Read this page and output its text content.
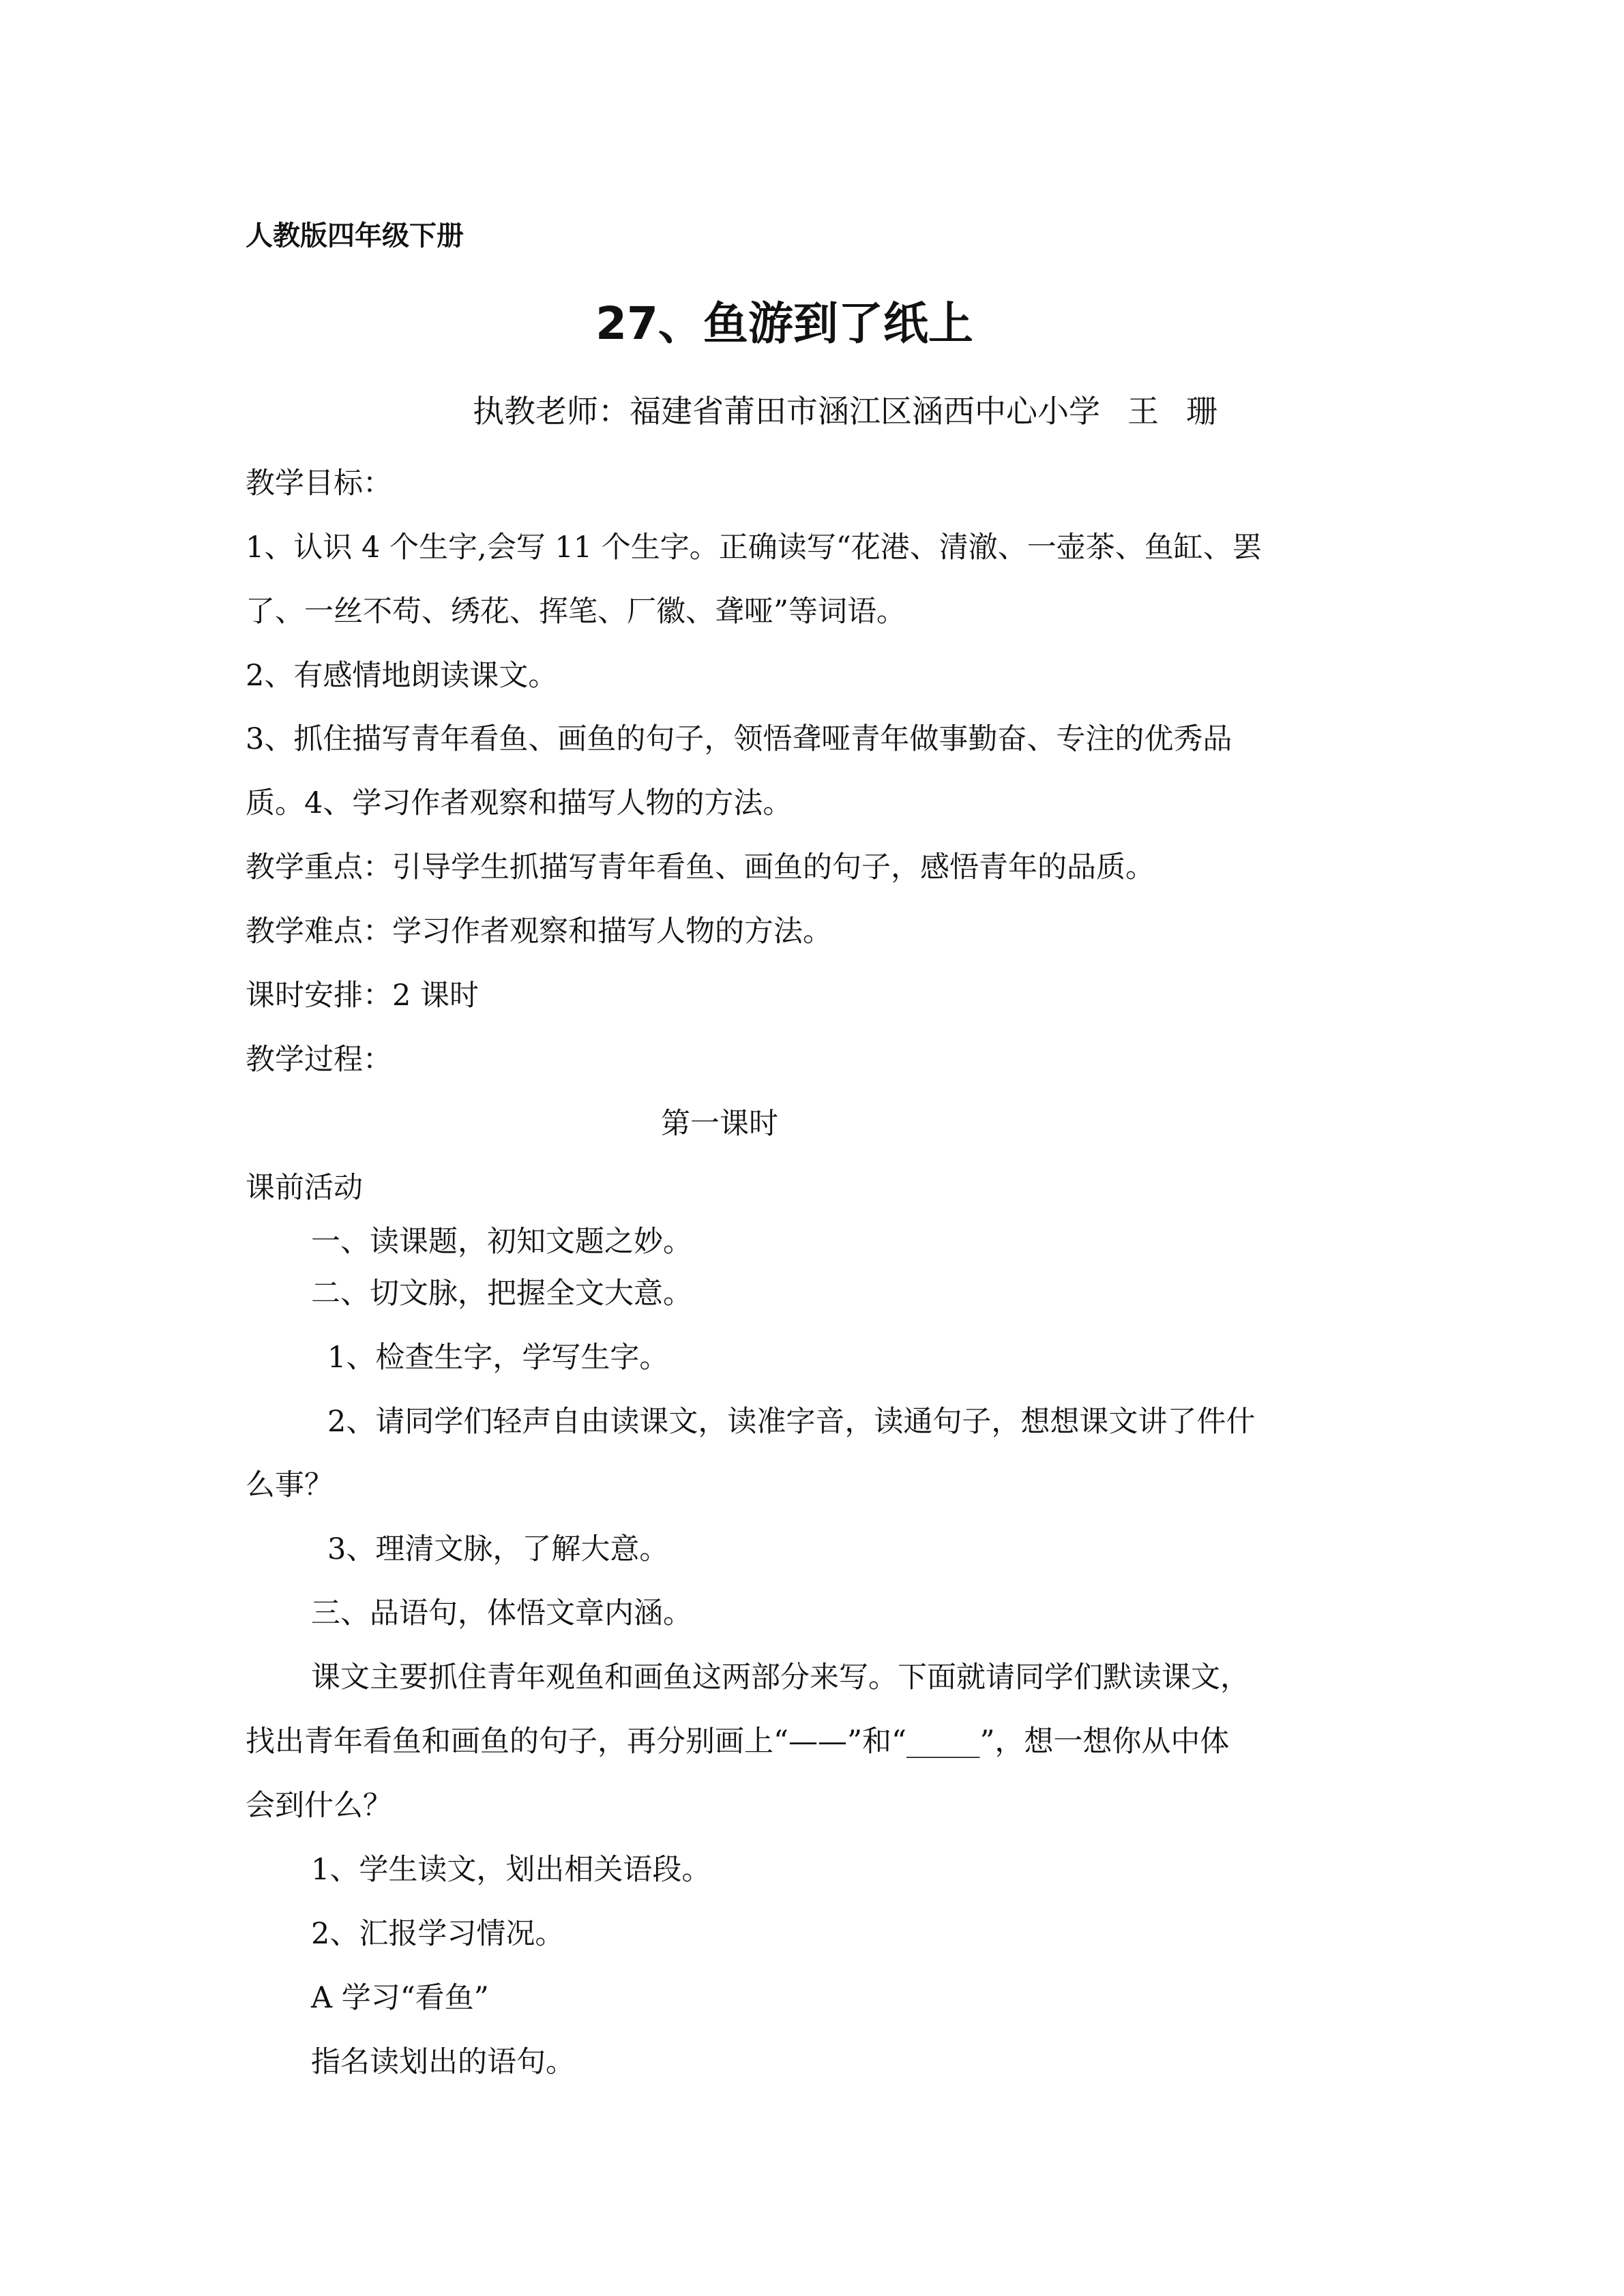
人教版四年级下册
27、鱼游到了纸上
执教老师：福建省莆田市涵江区涵西中心小学 王 珊
教学目标：
1、认识 4 个生字,会写 11 个生字。正确读写“花港、清澈、一壶茶、鱼缸、罢
了、一丝不苟、绣花、挥笔、厂徽、聋哑”等词语。
2、有感情地朗读课文。
3、抓住描写青年看鱼、画鱼的句子，领悟聋哑青年做事勤奋、专注的优秀品
质。4、学习作者观察和描写人物的方法。
教学重点：引导学生抓描写青年看鱼、画鱼的句子，感悟青年的品质。
教学难点：学习作者观察和描写人物的方法。
课时安排：2 课时
教学过程：
第一课时
课前活动
一、读课题，初知文题之妙。
二、切文脉，把握全文大意。
1、检查生字，学写生字。
2、请同学们轻声自由读课文，读准字音，读通句子，想想课文讲了件什
么事？
3、理清文脉，了解大意。
三、品语句，体悟文章内涵。
课文主要抓住青年观鱼和画鱼这两部分来写。下面就请同学们默读课文，
找出青年看鱼和画鱼的句子，再分别画上“——”和“_____”，想一想你从中体
会到什么？
1、学生读文，划出相关语段。
2、汇报学习情况。
A 学习“看鱼”
指名读划出的语句。
